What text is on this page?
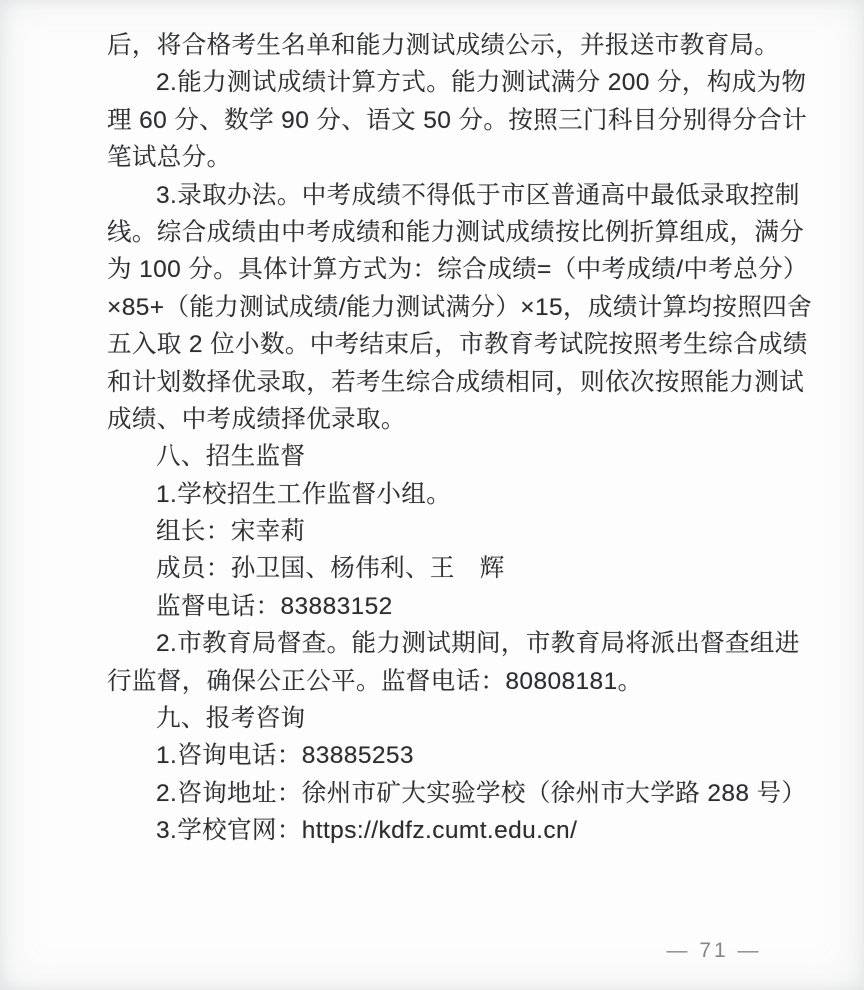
后，将合格考生名单和能力测试成绩公示，并报送市教育局。
2.能力测试成绩计算方式。能力测试满分 200 分，构成为物
理 60 分、数学 90 分、语文 50 分。按照三门科目分别得分合计
笔试总分。
3.录取办法。中考成绩不得低于市区普通高中最低录取控制
线。综合成绩由中考成绩和能力测试成绩按比例折算组成，满分
为 100 分。具体计算方式为：综合成绩=（中考成绩/中考总分）
×85+（能力测试成绩/能力测试满分）×15，成绩计算均按照四舍
五入取 2 位小数。中考结束后，市教育考试院按照考生综合成绩
和计划数择优录取，若考生综合成绩相同，则依次按照能力测试
成绩、中考成绩择优录取。
八、招生监督
1.学校招生工作监督小组。
组长：宋幸莉
成员：孙卫国、杨伟利、王　辉
监督电话：83883152
2.市教育局督查。能力测试期间，市教育局将派出督查组进
行监督，确保公正公平。监督电话：80808181。
九、报考咨询
1.咨询电话：83885253
2.咨询地址：徐州市矿大实验学校（徐州市大学路 288 号）
3.学校官网：https://kdfz.cumt.edu.cn/
— 71 —
